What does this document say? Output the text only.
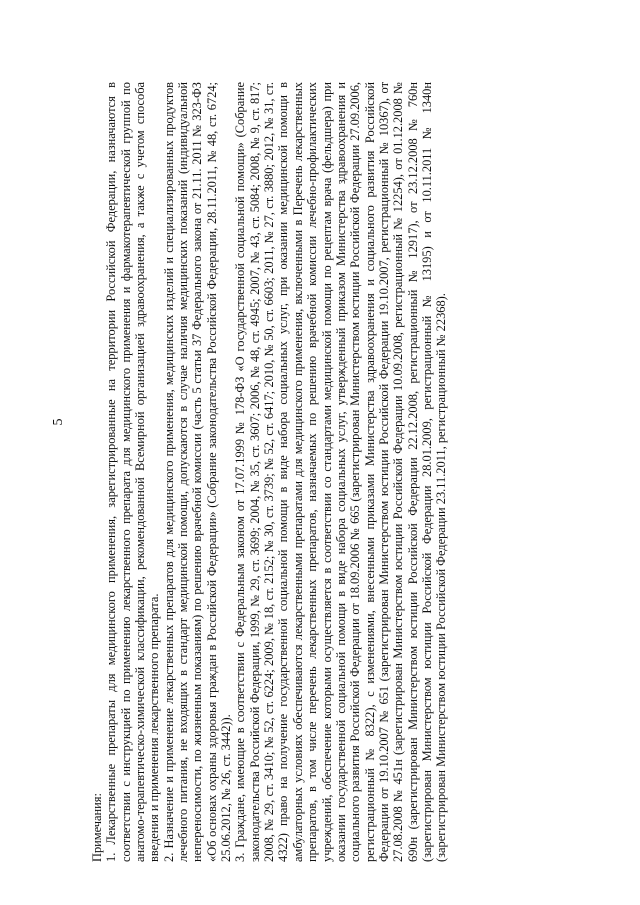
5

Примечания: 1. Лекарственные препараты для медицинского применения, зарегистрированные на территории Российской Федерации, назначаются в соответствии с инструкцией по применению лекарственного препарата для медицинского применения и фармакотерапевтической группой по анатомо-терапевтическо-химической классификации, рекомендованной Всемирной организацией здравоохранения, а также с учетом способа введения и применения лекарственного препарата. 2. Назначение и применение лекарственных препаратов для медицинского применения, медицинских изделий и специализированных продуктов лечебного питания, не входящих в стандарт медицинской помощи, допускаются в случае наличия медицинских показаний (индивидуальной непереносимости, по жизненным показаниям) по решению врачебной комиссии (часть 5 статьи 37 Федерального закона от 21.11. 2011 № 323-ФЗ «Об основах охраны здоровья граждан в Российской Федерации» (Собрание законодательства Российской Федерации, 28.11.2011, № 48, ст. 6724; 25.06.2012, № 26, ст. 3442)). 3. Граждане, имеющие в соответствии с Федеральным законом от 17.07.1999 № 178-ФЗ «О государственной социальной помощи» (Собрание законодательства Российской Федерации, 1999, № 29, ст. 3699; 2004, № 35, ст. 3607; 2006, № 48, ст. 4945; 2007, № 43, ст. 5084; 2008, № 9, ст. 817; 2008, № 29, ст. 3410; № 52, ст. 6224; 2009, № 18, ст. 2152; № 30, ст. 3739; № 52, ст. 6417; 2010, № 50, ст. 6603; 2011, № 27, ст. 3880; 2012, № 31, ст. 4322) право на получение государственной социальной помощи в виде набора социальных услуг, при оказании медицинской помощи в амбулаторных условиях обеспечиваются лекарственными препаратами для медицинского применения, включенными в Перечень лекарственных препаратов, в том числе перечень лекарственных препаратов, назначаемых по решению врачебной комиссии лечебно-профилактических учреждений, обеспечение которыми осуществляется в соответствии со стандартами медицинской помощи по рецептам врача (фельдшера) при оказании государственной социальной помощи в виде набора социальных услуг, утвержденный приказом Министерства здравоохранения и социального развития Российской Федерации от 18.09.2006 № 665 (зарегистрирован Министерством юстиции Российской Федерации 27.09.2006, регистрационный № 8322), с изменениями, внесенными приказами Министерства здравоохранения и социального развития Российской Федерации от 19.10.2007 № 651 (зарегистрирован Министерством юстиции Российской Федерации 19.10.2007, регистрационный № 10367), от 27.08.2008 № 451н (зарегистрирован Министерством юстиции Российской Федерации 10.09.2008, регистрационный № 12254), от 01.12.2008 № 690н (зарегистрирован Министерством юстиции Российской Федерации 22.12.2008, регистрационный № 12917), от 23.12.2008 № 760н (зарегистрирован Министерством юстиции Российской Федерации 28.01.2009, регистрационный № 13195) и от 10.11.2011 № 1340н (зарегистрирован Министерством юстиции Российской Федерации 23.11.2011, регистрационный № 22368).
